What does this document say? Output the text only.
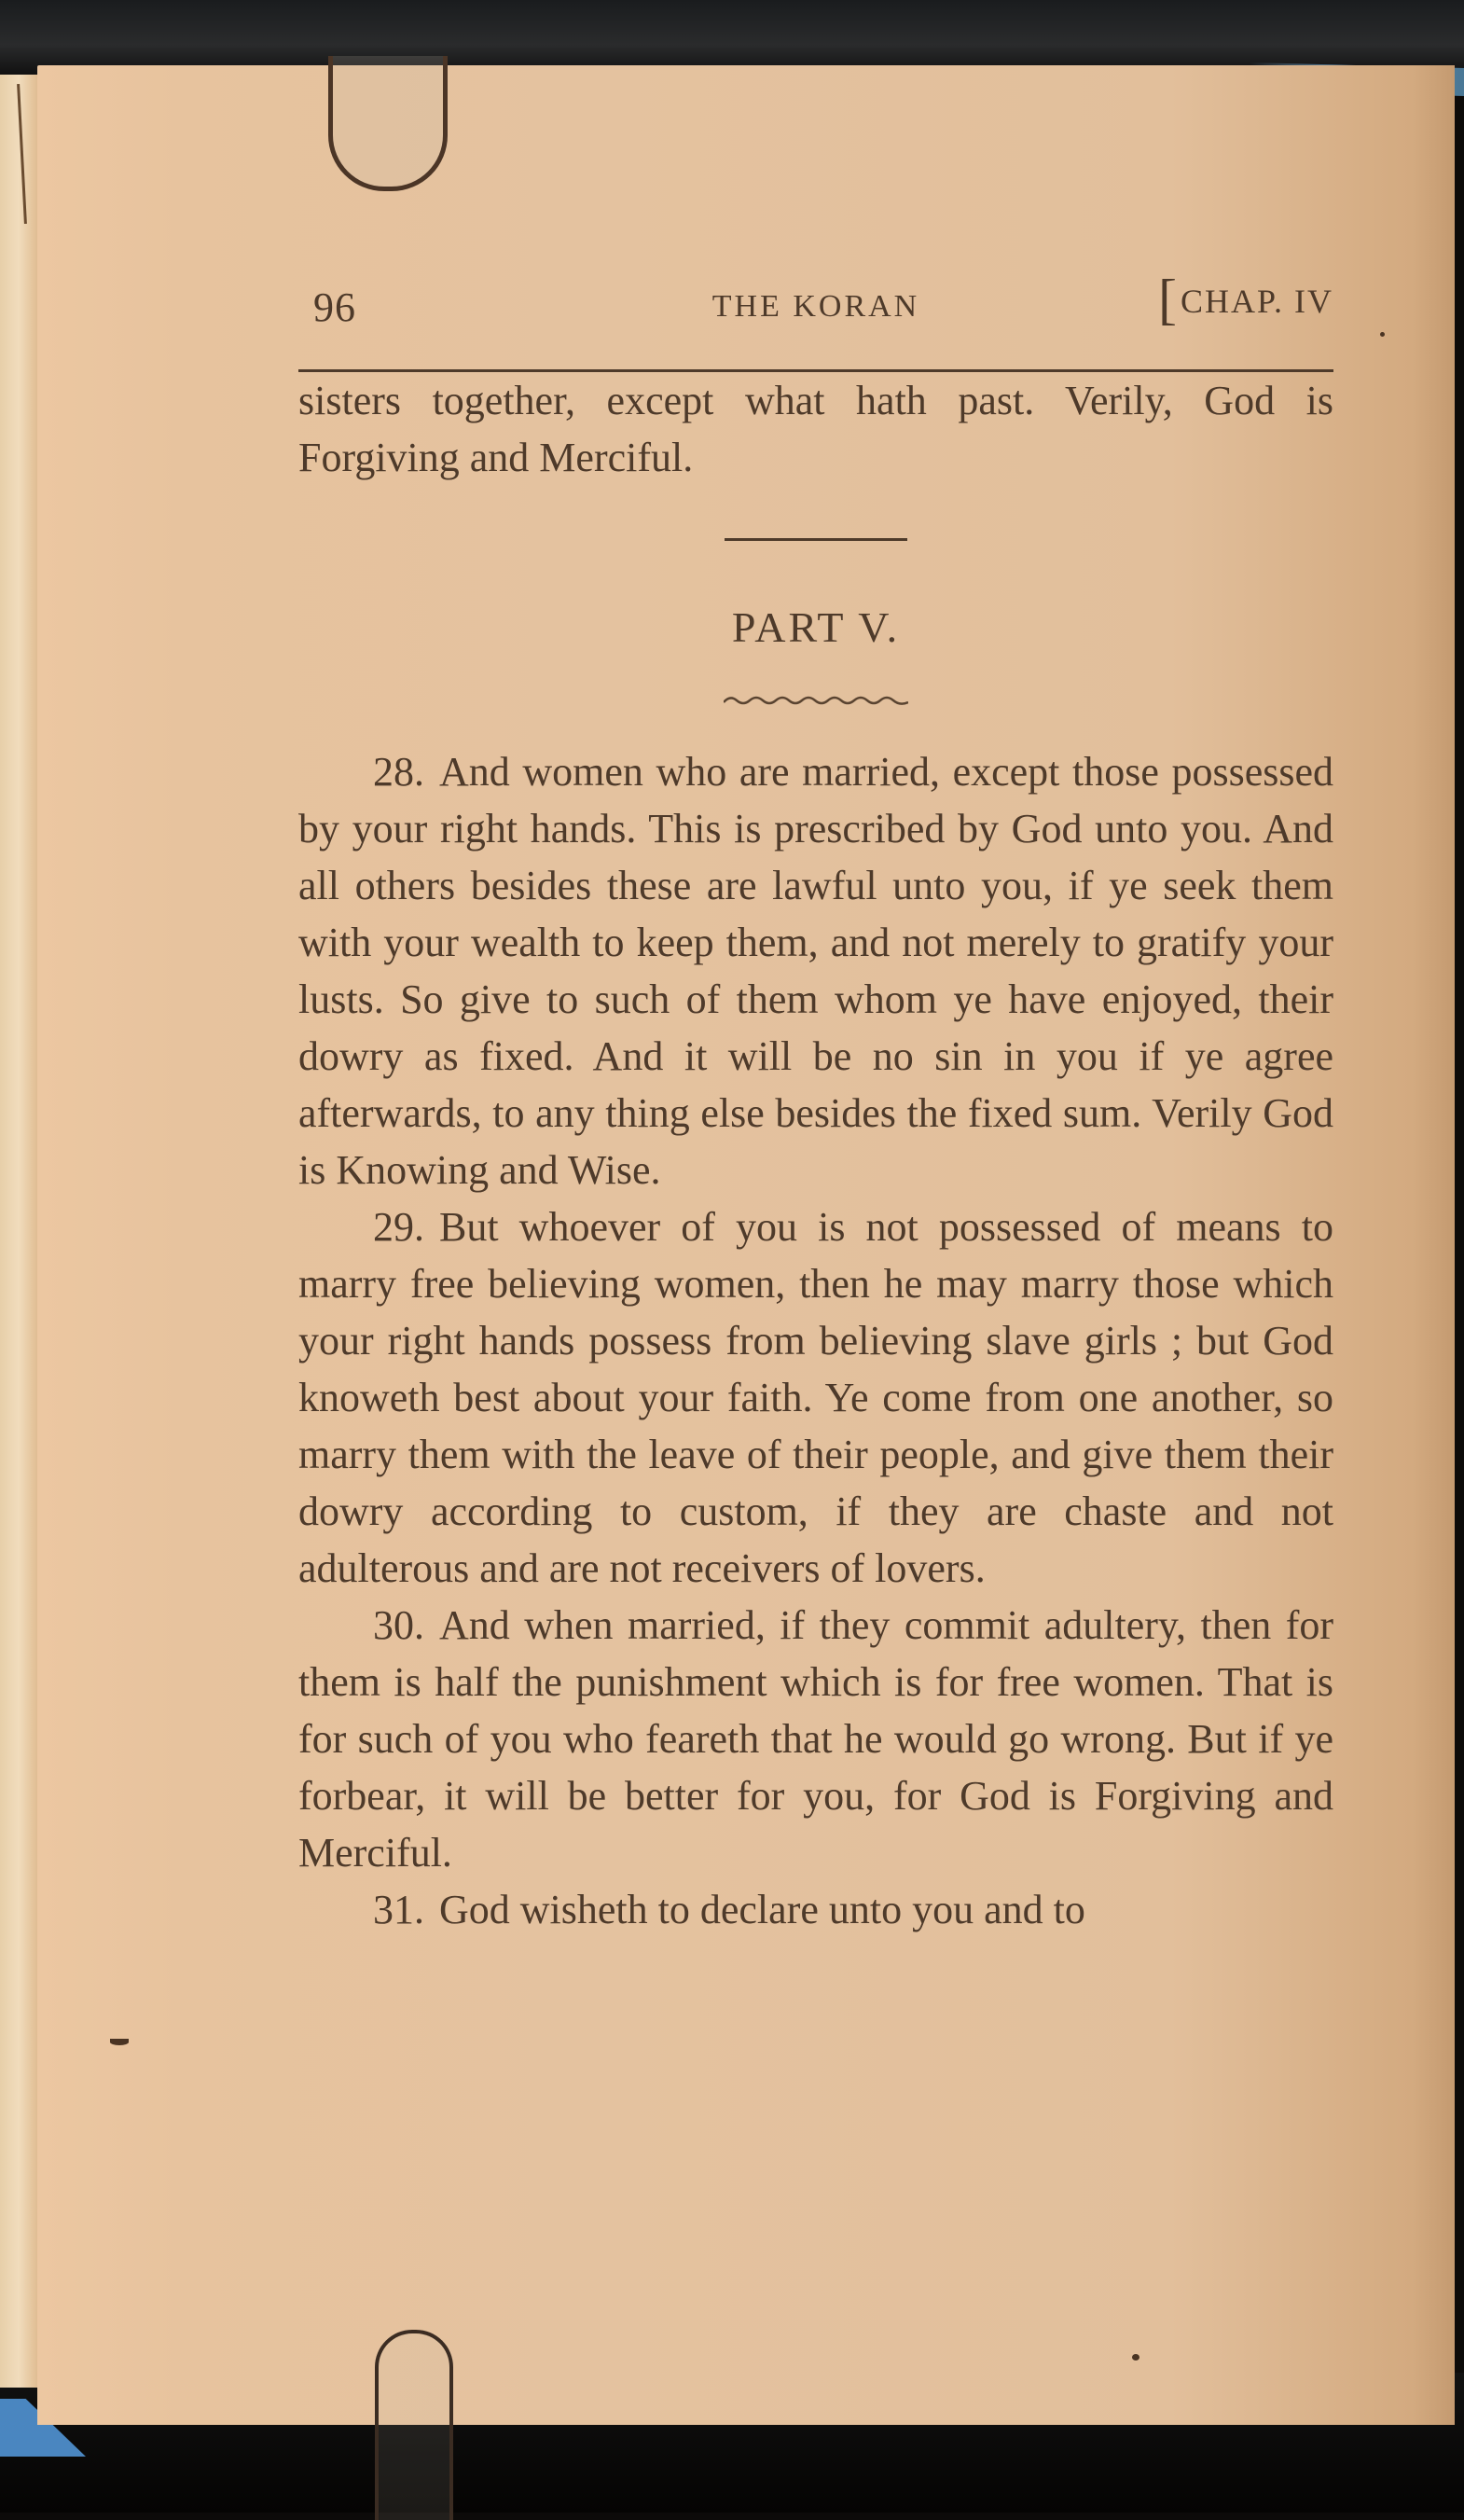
96	THE KORAN	[CHAP. IV

sisters together, except what hath past. Verily, God is Forgiving and Merciful.

PART V.

28. And women who are married, except those possessed by your right hands. This is prescribed by God unto you. And all others besides these are lawful unto you, if ye seek them with your wealth to keep them, and not merely to gratify your lusts. So give to such of them whom ye have enjoyed, their dowry as fixed. And it will be no sin in you if ye agree afterwards, to any thing else besides the fixed sum. Verily God is Knowing and Wise.

29. But whoever of you is not possessed of means to marry free believing women, then he may marry those which your right hands possess from believing slave girls ; but God knoweth best about your faith. Ye come from one another, so marry them with the leave of their people, and give them their dowry according to custom, if they are chaste and not adulterous and are not receivers of lovers.

30. And when married, if they commit adultery, then for them is half the punishment which is for free women. That is for such of you who feareth that he would go wrong. But if ye forbear, it will be better for you, for God is Forgiving and Merciful.

31. God wisheth to declare unto you and to
